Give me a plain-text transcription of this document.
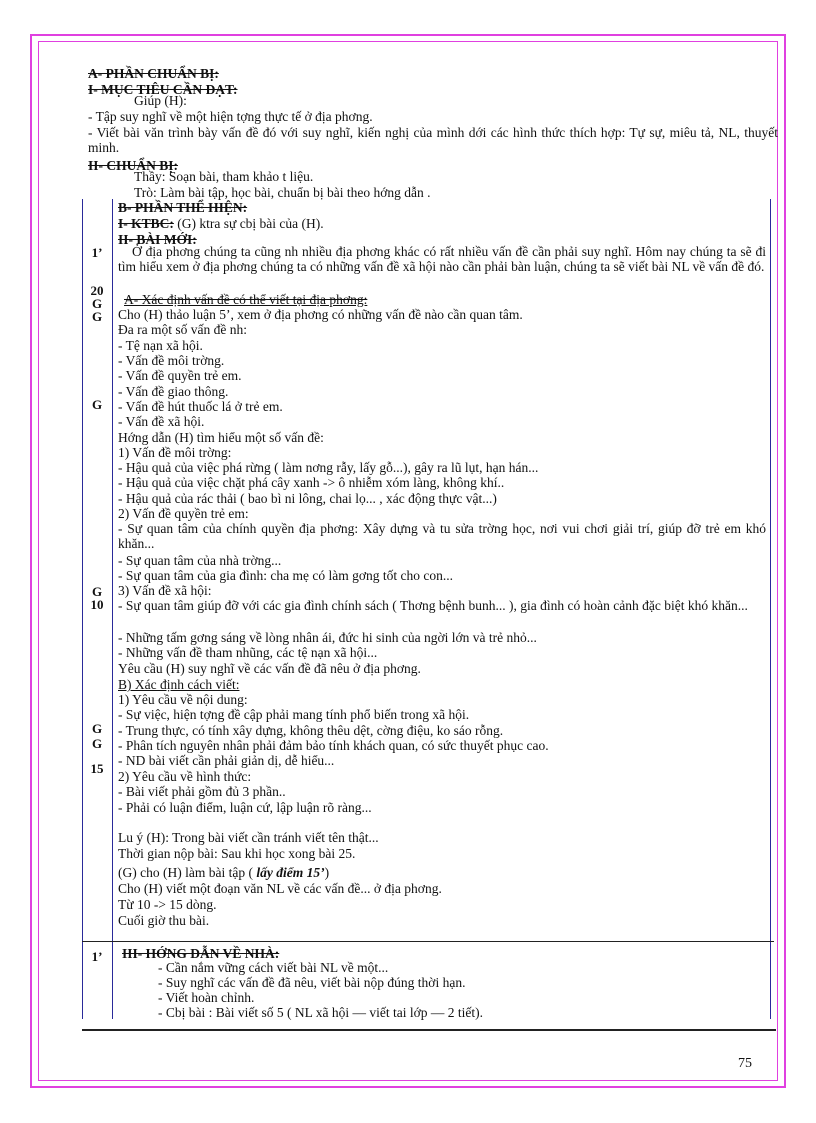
A- PHẦN CHUẨN BỊ:
I- MỤC TIÊU CẦN ĐẠT:
Giúp (H):
- Tập suy nghĩ về một hiện tợng thực tế ở địa phơng.
- Viết bài văn trình bày vấn đề đó với suy nghĩ, kiến nghị của mình dới các hình thức thích hợp: Tự sự, miêu tả, NL, thuyết minh.
II- CHUẨN BỊ:
Thầy: Soạn bài, tham khảo t liệu.
Trò: Làm bài tập, học bài, chuẩn bị bài theo hớng dẫn .
1’
20
G
G
G
G
10
G
G
15
1’
B- PHẦN THỂ HIỆN:
I- KTBC: (G) ktra sự cbị bài của (H).
II- BÀI MỚI:
Ở địa phơng chúng ta cũng nh nhiều địa phơng khác có rất nhiều vấn đề cần phải suy nghĩ. Hôm nay chúng ta sẽ đi tìm hiểu xem ở địa phơng chúng ta có những vấn đề xã hội nào cần phải bàn luận, chúng ta sẽ viết bài NL về vấn đề đó.
A- Xác định vấn đề có thể viết tại địa phơng:
Cho (H) thảo luận 5’, xem ở địa phơng có những vấn đề nào cần quan tâm.
Đa ra một số vấn đề nh:
- Tệ nạn xã hội.
- Vấn đề môi trờng.
- Vấn đề quyền trẻ em.
- Vấn đề giao thông.
- Vấn đề hút thuốc lá ở trẻ em.
- Vấn đề xã hội.
Hớng dẫn (H) tìm hiểu một số vấn đề:
1) Vấn đề môi trờng:
- Hậu quả của việc phá rừng ( làm nơng rẫy, lấy gỗ...), gây ra lũ lụt, hạn hán...
- Hậu quả của việc chặt phá cây xanh -> ô nhiễm xóm làng, không khí..
- Hậu quả của rác thải ( bao bì ni lông, chai lọ... , xác động thực vật...)
2) Vấn đề quyền trẻ em:
- Sự quan tâm của chính quyền địa phơng: Xây dựng và tu sửa trờng học, nơi vui chơi giải trí, giúp đỡ trẻ em khó khăn...
- Sự quan tâm của nhà trờng...
- Sự quan tâm của gia đình: cha mẹ có làm gơng tốt cho con...
3) Vấn đề xã hội:
- Sự quan tâm giúp đỡ với các gia đình chính sách ( Thơng bệnh bunh... ), gia đình có hoàn cảnh đặc biệt khó khăn...
- Những tấm gơng sáng về lòng nhân ái, đức hi sinh của ngời lớn và trẻ nhỏ...
- Những vấn đề tham nhũng, các tệ nạn xã hội...
Yêu cầu (H) suy nghĩ về các vấn đề đã nêu ở địa phơng.
B) Xác định cách viết:
1) Yêu cầu về nội dung:
- Sự việc, hiện tợng đề cập phải mang tính phổ biến trong xã hội.
- Trung thực, có tính xây dựng, không thêu dệt, cờng điệu, ko sáo rỗng.
- Phân tích nguyên nhân phải đảm bảo tính khách quan, có sức thuyết phục cao.
- ND bài viết cần phải giản dị, dễ hiểu...
2) Yêu cầu về hình thức:
- Bài viết phải gồm đủ 3 phần..
- Phải có luận điểm, luận cứ, lập luận rõ ràng...
Lu ý (H): Trong bài viết cần tránh viết tên thật...
Thời gian nộp bài: Sau khi học xong bài 25.
(G) cho (H) làm bài tập ( lấy điểm 15’)
Cho (H) viết một đoạn văn NL về các vấn đề... ở địa phơng.
Từ 10 -> 15 dòng.
Cuối giờ thu bài.
III- HỚNG DẪN VỀ NHÀ:
- Cần nắm vững cách viết bài NL về một...
- Suy nghĩ các vấn đề đã nêu, viết bài nộp đúng thời hạn.
- Viết hoàn chỉnh.
- Cbị bài : Bài viết số 5 ( NL xã hội — viết tai lớp — 2 tiết).
75
